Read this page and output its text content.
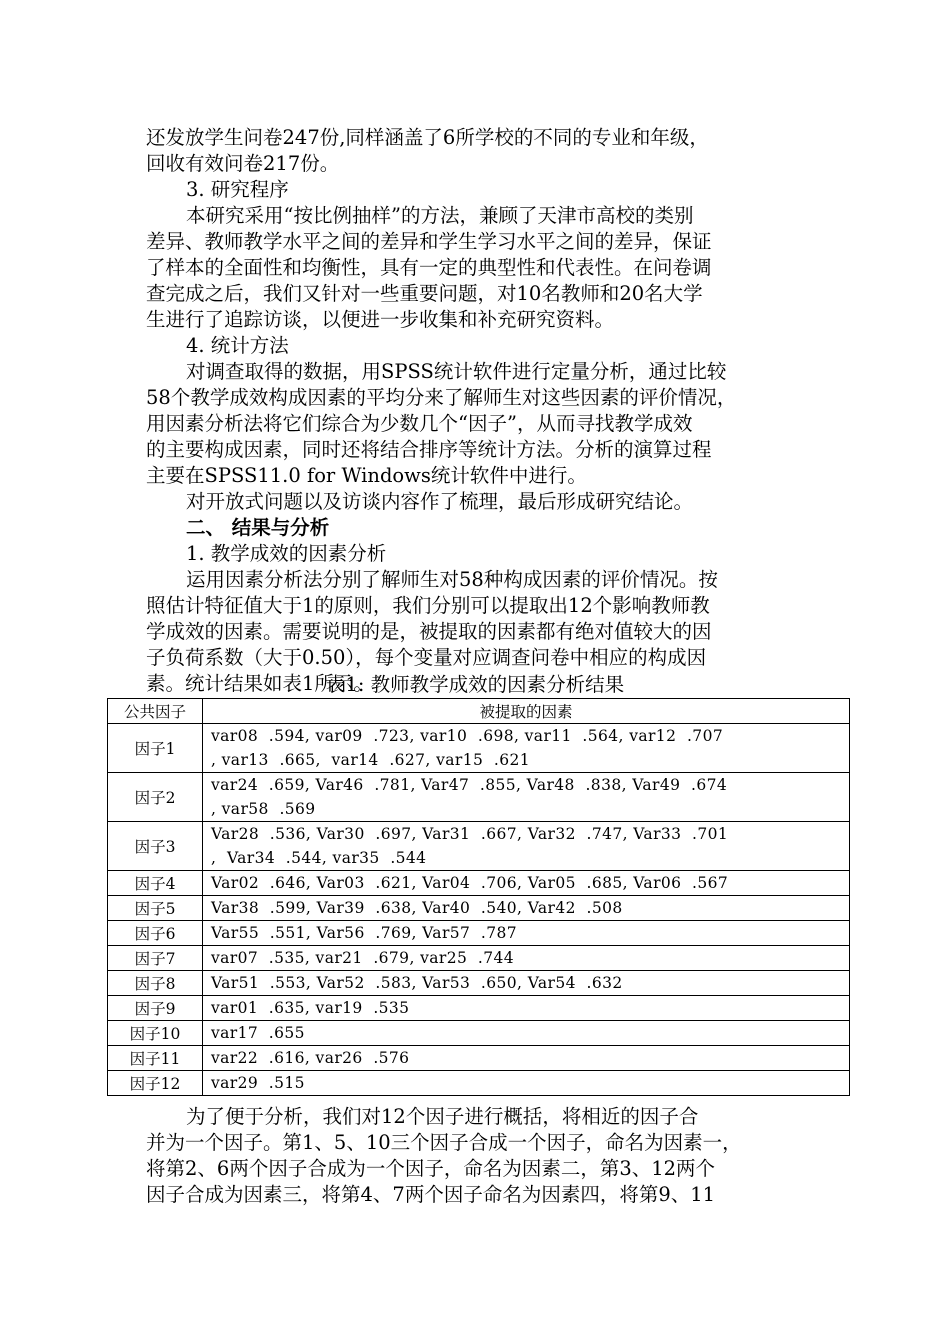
还发放学生问卷247份,同样涵盖了6所学校的不同的专业和年级，
回收有效问卷217份。
3. 研究程序
本研究采用“按比例抽样”的方法，兼顾了天津市高校的类别
差异、教师教学水平之间的差异和学生学习水平之间的差异，保证
了样本的全面性和均衡性，具有一定的典型性和代表性。在问卷调
查完成之后，我们又针对一些重要问题，对10名教师和20名大学
生进行了追踪访谈，以便进一步收集和补充研究资料。
4. 统计方法
对调查取得的数据，用SPSS统计软件进行定量分析，通过比较
58个教学成效构成因素的平均分来了解师生对这些因素的评价情况，
用因素分析法将它们综合为少数几个“因子”，从而寻找教学成效
的主要构成因素，同时还将结合排序等统计方法。分析的演算过程
主要在SPSS11.0 for Windows统计软件中进行。
对开放式问题以及访谈内容作了梳理，最后形成研究结论。
二、 结果与分析
1. 教学成效的因素分析
运用因素分析法分别了解师生对58种构成因素的评价情况。按
照估计特征值大于1的原则，我们分别可以提取出12个影响教师教
学成效的因素。需要说明的是，被提取的因素都有绝对值较大的因
子负荷系数（大于0.50），每个变量对应调查问卷中相应的构成因
素。统计结果如表1所示。
表1: 教师教学成效的因素分析结果
公共因子	被提取的因素
因子1	var08  .594, var09  .723, var10  .698, var11  .564, var12  .707
, var13  .665,  var14  .627, var15  .621

因子2	var24  .659, Var46  .781, Var47  .855, Var48  .838, Var49  .674
, var58  .569

因子3	Var28  .536, Var30  .697, Var31  .667, Var32  .747, Var33  .701
,  Var34  .544, var35  .544

因子4	Var02  .646, Var03  .621, Var04  .706, Var05  .685, Var06  .567

因子5	Var38  .599, Var39  .638, Var40  .540, Var42  .508

因子6	Var55  .551, Var56  .769, Var57  .787

因子7	var07  .535, var21  .679, var25  .744

因子8	Var51  .553, Var52  .583, Var53  .650, Var54  .632

因子9	var01  .635, var19  .535

因子10	var17  .655

因子11	var22  .616, var26  .576

因子12	var29  .515
为了便于分析，我们对12个因子进行概括，将相近的因子合
并为一个因子。第1、5、10三个因子合成一个因子，命名为因素一，
将第2、6两个因子合成为一个因子，命名为因素二，第3、12两个
因子合成为因素三，将第4、7两个因子命名为因素四，将第9、11
